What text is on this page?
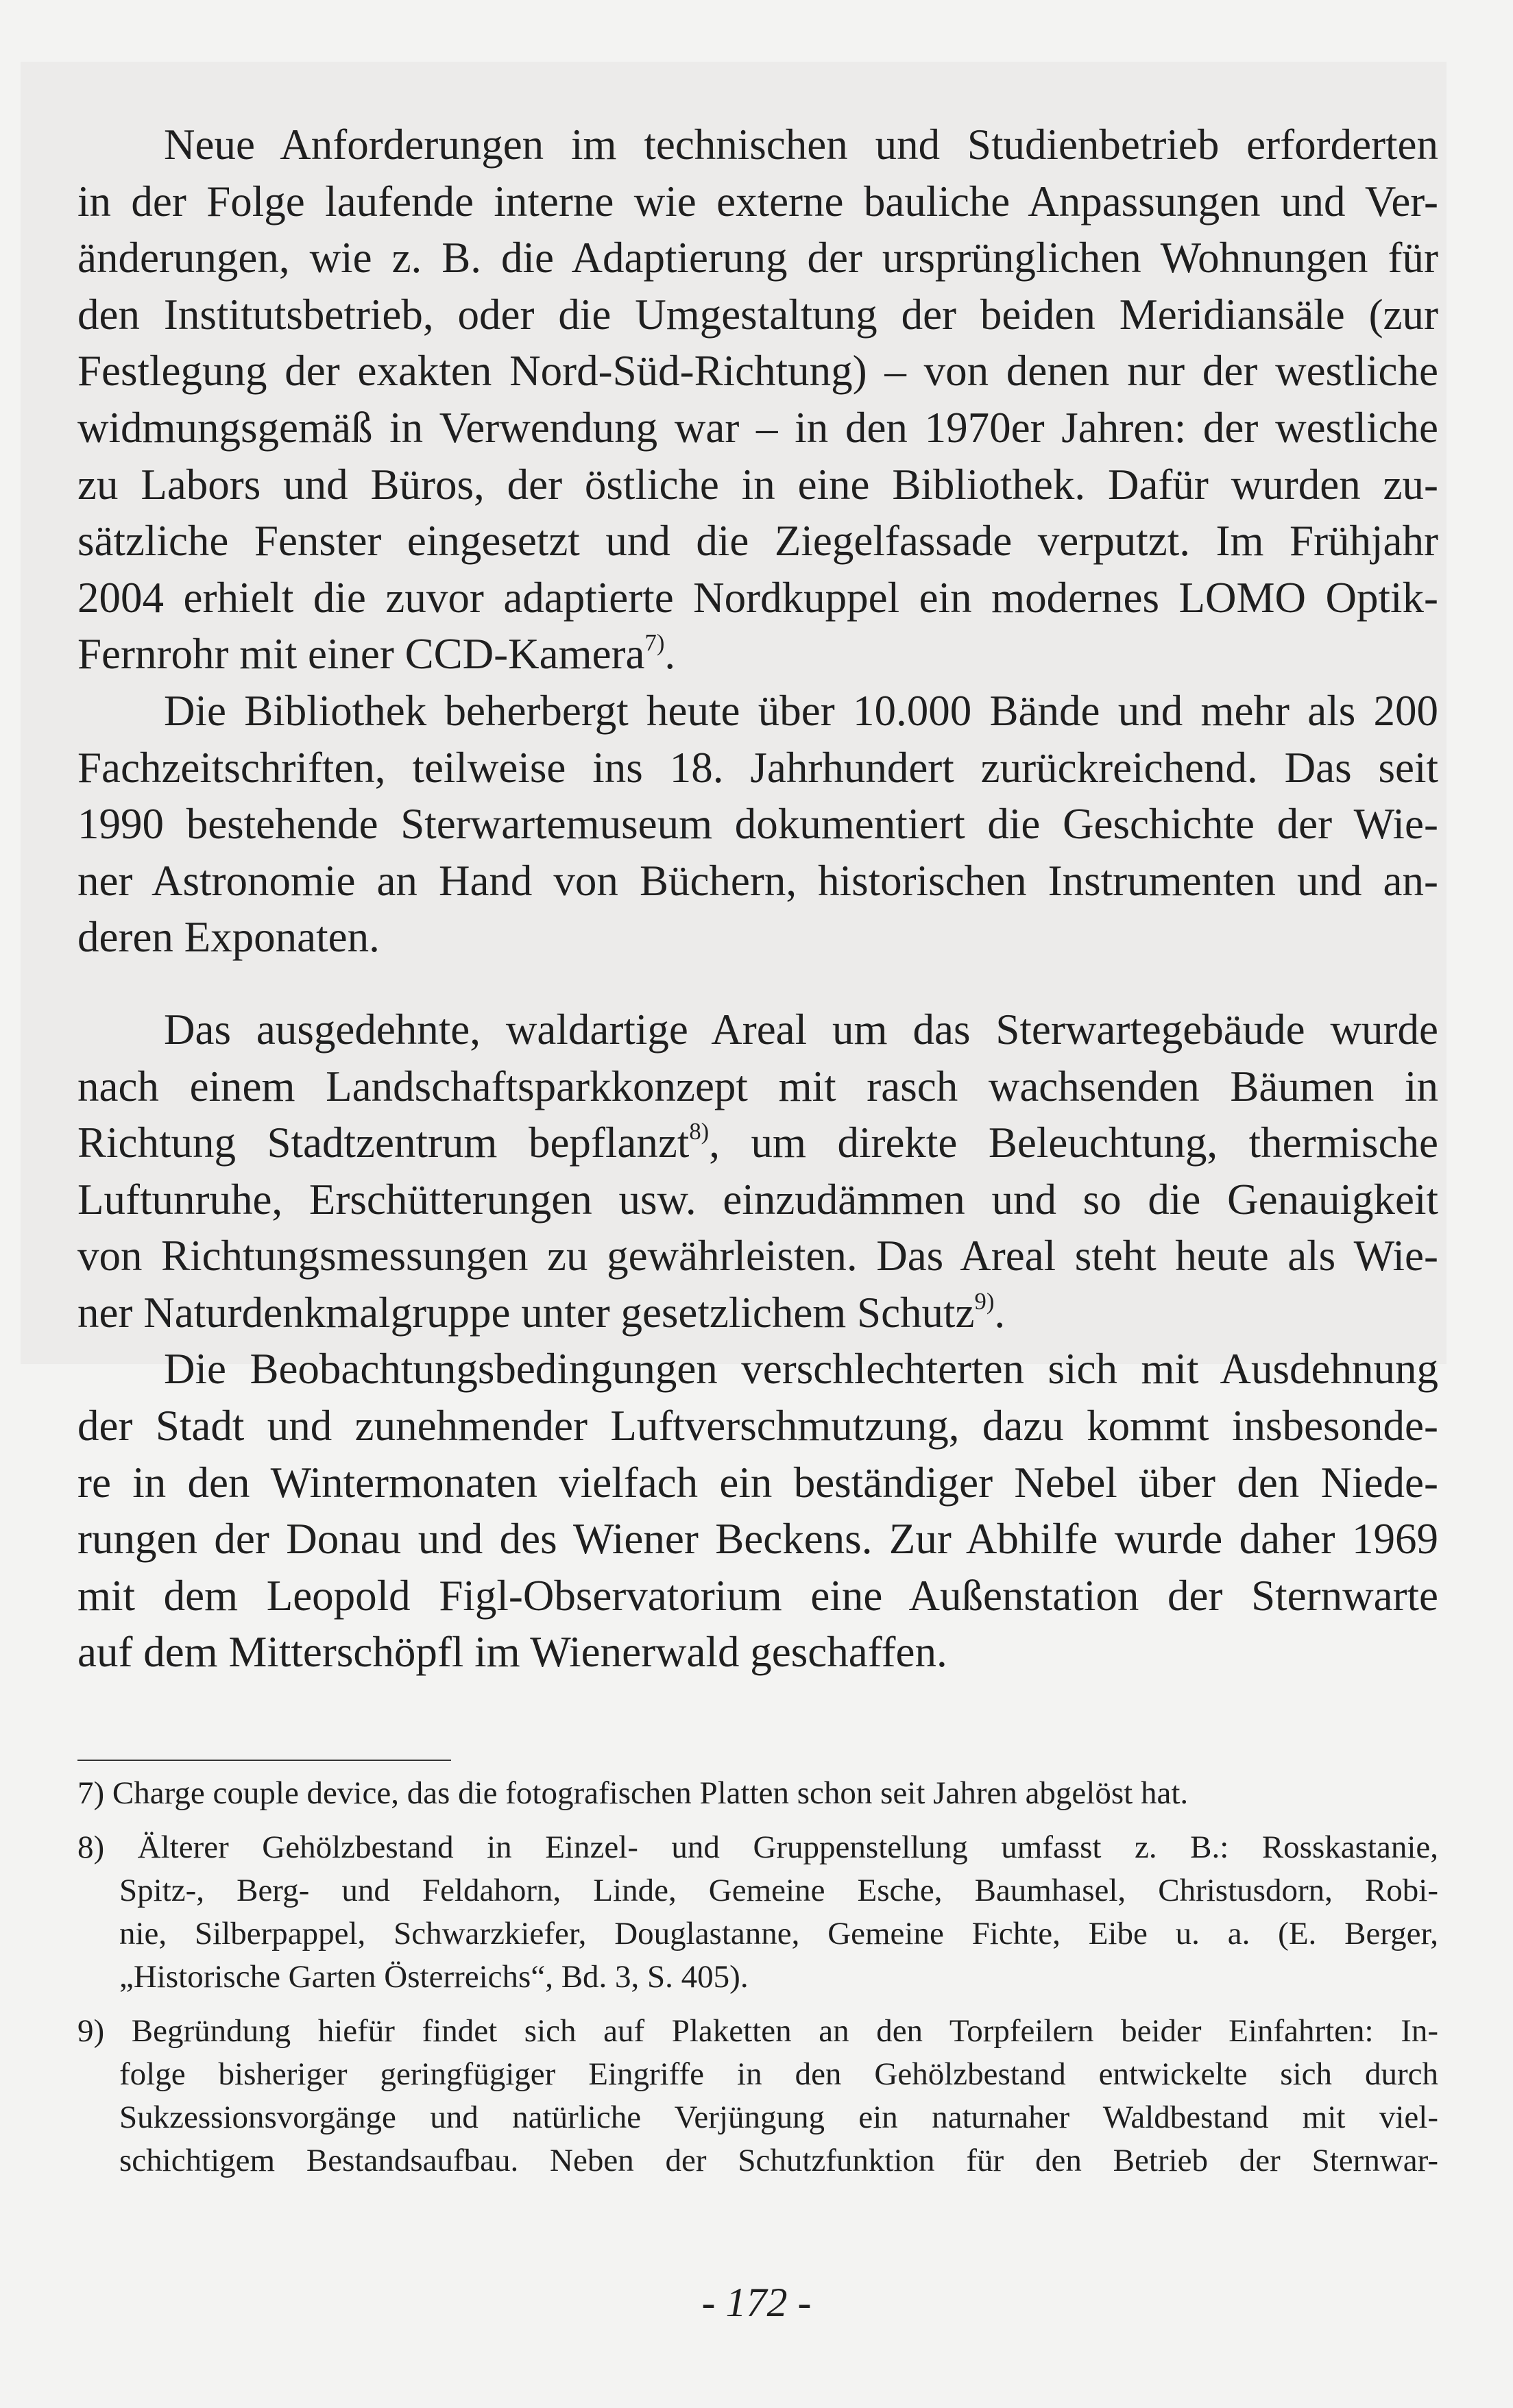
Neue Anforderungen im technischen und Studienbetrieb erforderten
in der Folge laufende interne wie externe bauliche Anpassungen und Ver-
änderungen, wie z. B. die Adaptierung der ursprünglichen Wohnungen für
den Institutsbetrieb, oder die Umgestaltung der beiden Meridiansäle (zur
Festlegung der exakten Nord-Süd-Richtung) – von denen nur der westliche
widmungsgemäß in Verwendung war – in den 1970er Jahren: der westliche
zu Labors und Büros, der östliche in eine Bibliothek. Dafür wurden zu-
sätzliche Fenster eingesetzt und die Ziegelfassade verputzt. Im Frühjahr
2004 erhielt die zuvor adaptierte Nordkuppel ein modernes LOMO Optik-
Fernrohr mit einer CCD-Kamera$^{7)}$.
Die Bibliothek beherbergt heute über 10.000 Bände und mehr als 200
Fachzeitschriften, teilweise ins 18. Jahrhundert zurückreichend. Das seit
1990 bestehende Sterwartemuseum dokumentiert die Geschichte der Wie-
ner Astronomie an Hand von Büchern, historischen Instrumenten und an-
deren Exponaten.
Das ausgedehnte, waldartige Areal um das Sterwartegebäude wurde
nach einem Landschaftsparkkonzept mit rasch wachsenden Bäumen in
Richtung Stadtzentrum bepflanzt$^{8)}$, um direkte Beleuchtung, thermische
Luftunruhe, Erschütterungen usw. einzudämmen und so die Genauigkeit
von Richtungsmessungen zu gewährleisten. Das Areal steht heute als Wie-
ner Naturdenkmalgruppe unter gesetzlichem Schutz$^{9)}$.
Die Beobachtungsbedingungen verschlechterten sich mit Ausdehnung
der Stadt und zunehmender Luftverschmutzung, dazu kommt insbesonde-
re in den Wintermonaten vielfach ein beständiger Nebel über den Niede-
rungen der Donau und des Wiener Beckens. Zur Abhilfe wurde daher 1969
mit dem Leopold Figl-Observatorium eine Außenstation der Sternwarte
auf dem Mitterschöpfl im Wienerwald geschaffen.
7) Charge couple device, das die fotografischen Platten schon seit Jahren abgelöst hat.
8) Älterer Gehölzbestand in Einzel- und Gruppenstellung umfasst z. B.: Rosskastanie,
Spitz-, Berg- und Feldahorn, Linde, Gemeine Esche, Baumhasel, Christusdorn, Robi-
nie, Silberpappel, Schwarzkiefer, Douglastanne, Gemeine Fichte, Eibe u. a. (E. Berger,
„Historische Garten Österreichs“, Bd. 3, S. 405).
9) Begründung hiefür findet sich auf Plaketten an den Torpfeilern beider Einfahrten: In-
folge bisheriger geringfügiger Eingriffe in den Gehölzbestand entwickelte sich durch
Sukzessionsvorgänge und natürliche Verjüngung ein naturnaher Waldbestand mit viel-
schichtigem Bestandsaufbau. Neben der Schutzfunktion für den Betrieb der Sternwar-
- 172 -
